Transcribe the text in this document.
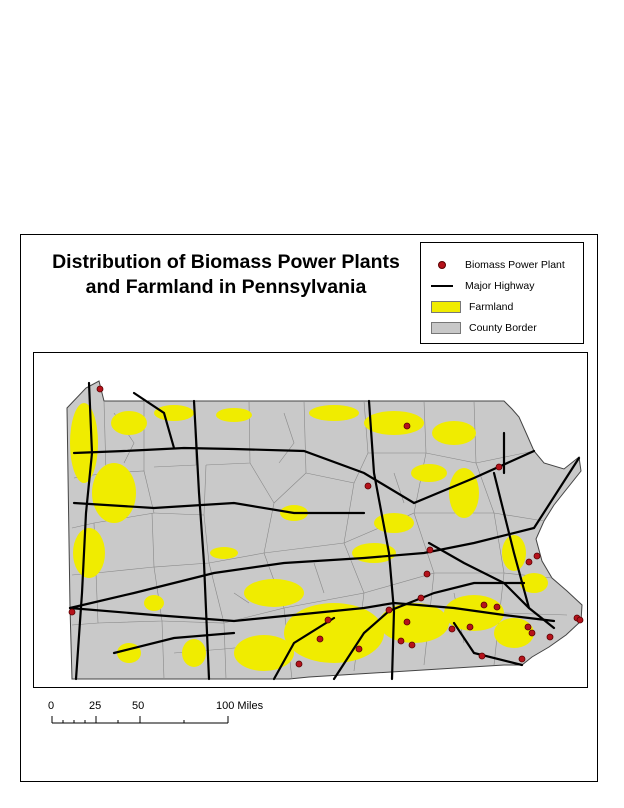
Distribution of Biomass Power Plants
and Farmland in Pennsylvania
Biomass Power Plant
Major Highway
Farmland
County Border
0	25	50	100 Miles
